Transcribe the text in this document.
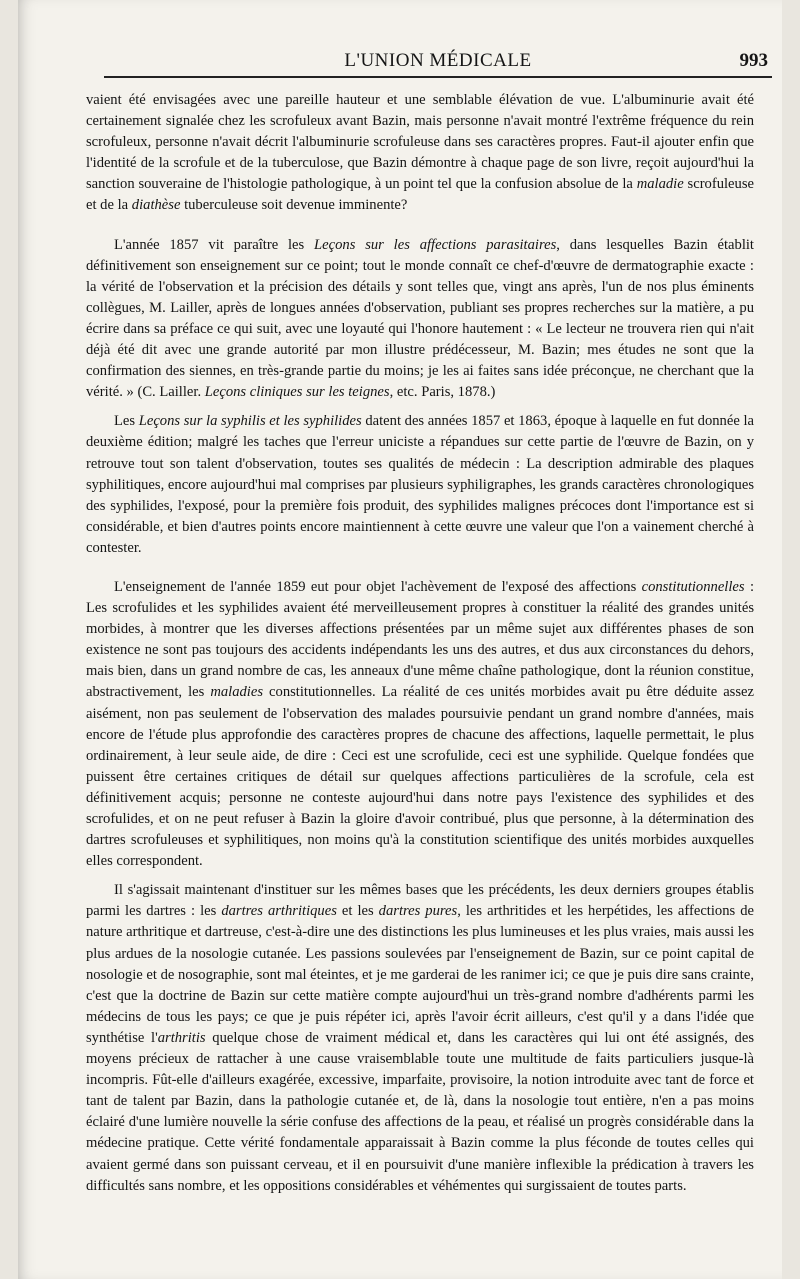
L'UNION MÉDICALE	993

vaient été envisagées avec une pareille hauteur et une semblable élévation de vue. L'albuminurie avait été certainement signalée chez les scrofuleux avant Bazin, mais personne n'avait montré l'extrême fréquence du rein scrofuleux, personne n'avait décrit l'albuminurie scrofuleuse dans ses caractères propres. Faut-il ajouter enfin que l'identité de la scrofule et de la tuberculose, que Bazin démontre à chaque page de son livre, reçoit aujourd'hui la sanction souveraine de l'histologie pathologique, à un point tel que la confusion absolue de la maladie scrofuleuse et de la diathèse tuberculeuse soit devenue imminente?

L'année 1857 vit paraître les Leçons sur les affections parasitaires, dans lesquelles Bazin établit définitivement son enseignement sur ce point; tout le monde connaît ce chef-d'œuvre de dermatographie exacte : la vérité de l'observation et la précision des détails y sont telles que, vingt ans après, l'un de nos plus éminents collègues, M. Lailler, après de longues années d'observation, publiant ses propres recherches sur la matière, a pu écrire dans sa préface ce qui suit, avec une loyauté qui l'honore hautement : « Le lecteur ne trouvera rien qui n'ait déjà été dit avec une grande autorité par mon illustre prédécesseur, M. Bazin; mes études ne sont que la confirmation des siennes, en très-grande partie du moins; je les ai faites sans idée préconçue, ne cherchant que la vérité. » (C. Lailler. Leçons cliniques sur les teignes, etc. Paris, 1878.)

Les Leçons sur la syphilis et les syphilides datent des années 1857 et 1863, époque à laquelle en fut donnée la deuxième édition; malgré les taches que l'erreur uniciste a répandues sur cette partie de l'œuvre de Bazin, on y retrouve tout son talent d'observation, toutes ses qualités de médecin : La description admirable des plaques syphilitiques, encore aujourd'hui mal comprises par plusieurs syphiligraphes, les grands caractères chronologiques des syphilides, l'exposé, pour la première fois produit, des syphilides malignes précoces dont l'importance est si considérable, et bien d'autres points encore maintiennent à cette œuvre une valeur que l'on a vainement cherché à contester.

L'enseignement de l'année 1859 eut pour objet l'achèvement de l'exposé des affections constitutionnelles : Les scrofulides et les syphilides avaient été merveilleusement propres à constituer la réalité des grandes unités morbides, à montrer que les diverses affections présentées par un même sujet aux différentes phases de son existence ne sont pas toujours des accidents indépendants les uns des autres, et dus aux circonstances du dehors, mais bien, dans un grand nombre de cas, les anneaux d'une même chaîne pathologique, dont la réunion constitue, abstractivement, les maladies constitutionnelles. La réalité de ces unités morbides avait pu être déduite assez aisément, non pas seulement de l'observation des malades poursuivie pendant un grand nombre d'années, mais encore de l'étude plus approfondie des caractères propres de chacune des affections, laquelle permettait, le plus ordinairement, à leur seule aide, de dire : Ceci est une scrofulide, ceci est une syphilide. Quelque fondées que puissent être certaines critiques de détail sur quelques affections particulières de la scrofule, cela est définitivement acquis; personne ne conteste aujourd'hui dans notre pays l'existence des syphilides et des scrofulides, et on ne peut refuser à Bazin la gloire d'avoir contribué, plus que personne, à la détermination des dartres scrofuleuses et syphilitiques, non moins qu'à la constitution scientifique des unités morbides auxquelles elles correspondent.

Il s'agissait maintenant d'instituer sur les mêmes bases que les précédents, les deux derniers groupes établis parmi les dartres : les dartres arthritiques et les dartres pures, les arthritides et les herpétides, les affections de nature arthritique et dartreuse, c'est-à-dire une des distinctions les plus lumineuses et les plus vraies, mais aussi les plus ardues de la nosologie cutanée. Les passions soulevées par l'enseignement de Bazin, sur ce point capital de nosologie et de nosographie, sont mal éteintes, et je me garderai de les ranimer ici; ce que je puis dire sans crainte, c'est que la doctrine de Bazin sur cette matière compte aujourd'hui un très-grand nombre d'adhérents parmi les médecins de tous les pays; ce que je puis répéter ici, après l'avoir écrit ailleurs, c'est qu'il y a dans l'idée que synthétise l'arthritis quelque chose de vraiment médical et, dans les caractères qui lui ont été assignés, des moyens précieux de rattacher à une cause vraisemblable toute une multitude de faits particuliers jusque-là incompris. Fût-elle d'ailleurs exagérée, excessive, imparfaite, provisoire, la notion introduite avec tant de force et tant de talent par Bazin, dans la pathologie cutanée et, de là, dans la nosologie tout entière, n'en a pas moins éclairé d'une lumière nouvelle la série confuse des affections de la peau, et réalisé un progrès considérable dans la médecine pratique. Cette vérité fondamentale apparaissait à Bazin comme la plus féconde de toutes celles qui avaient germé dans son puissant cerveau, et il en poursuivit d'une manière inflexible la prédication à travers les difficultés sans nombre, et les oppositions considérables et véhémentes qui surgissaient de toutes parts.
